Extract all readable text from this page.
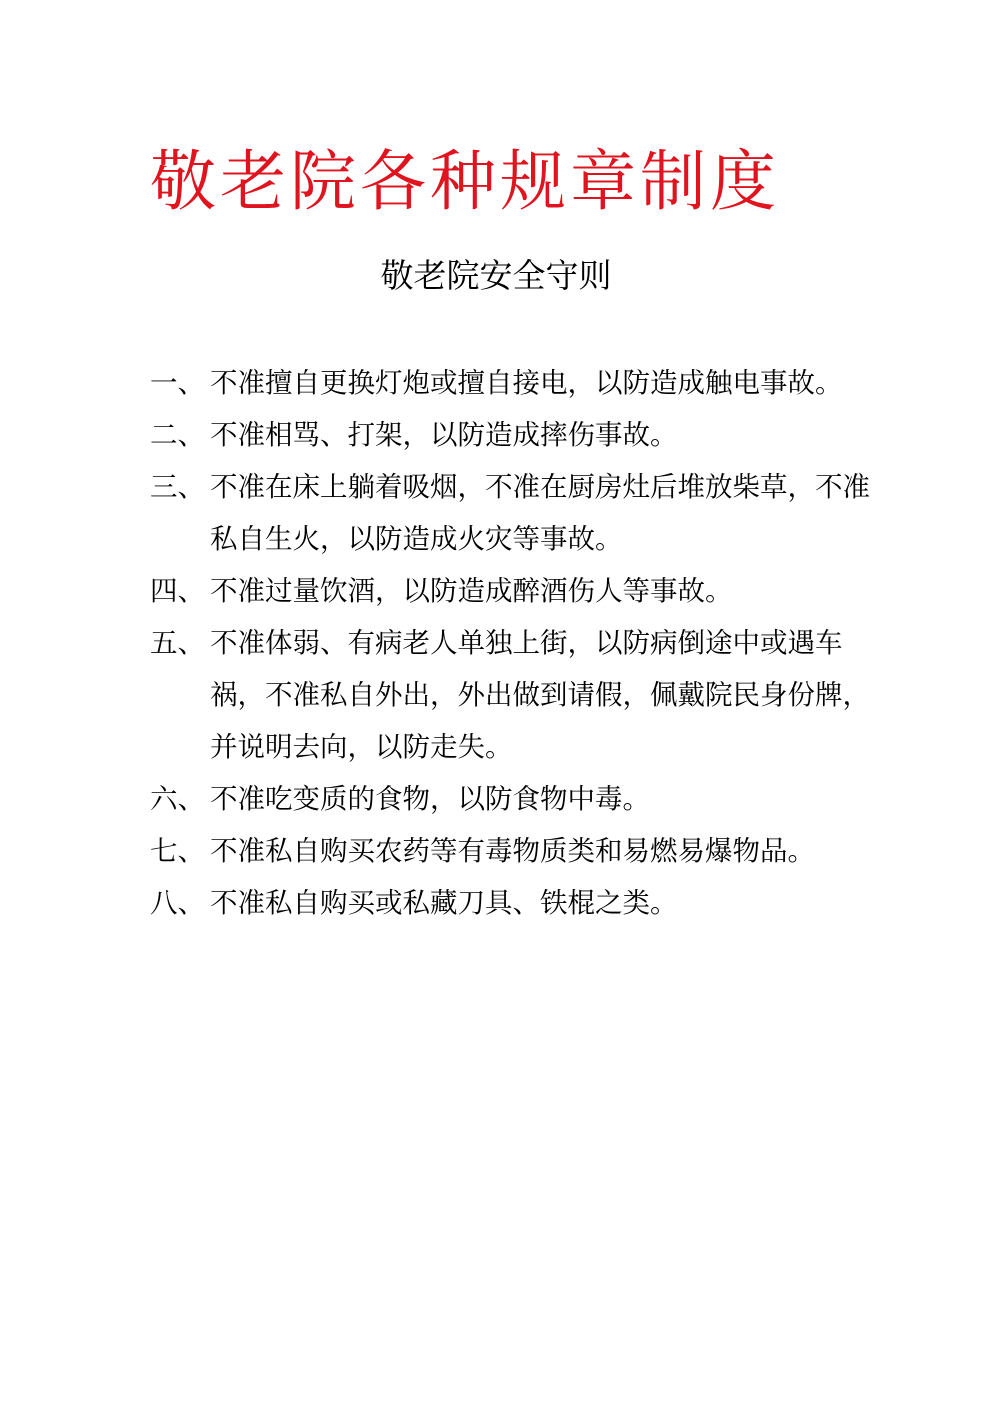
敬老院各种规章制度
敬老院安全守则
一、 不准擅自更换灯炮或擅自接电，以防造成触电事故。
二、 不准相骂、打架，以防造成摔伤事故。
三、 不准在床上躺着吸烟，不准在厨房灶后堆放柴草，不准私自生火，以防造成火灾等事故。
四、 不准过量饮酒，以防造成醉酒伤人等事故。
五、 不准体弱、有病老人单独上街，以防病倒途中或遇车祸，不准私自外出，外出做到请假，佩戴院民身份牌，并说明去向，以防走失。
六、 不准吃变质的食物，以防食物中毒。
七、 不准私自购买农药等有毒物质类和易燃易爆物品。
八、 不准私自购买或私藏刀具、铁棍之类。
